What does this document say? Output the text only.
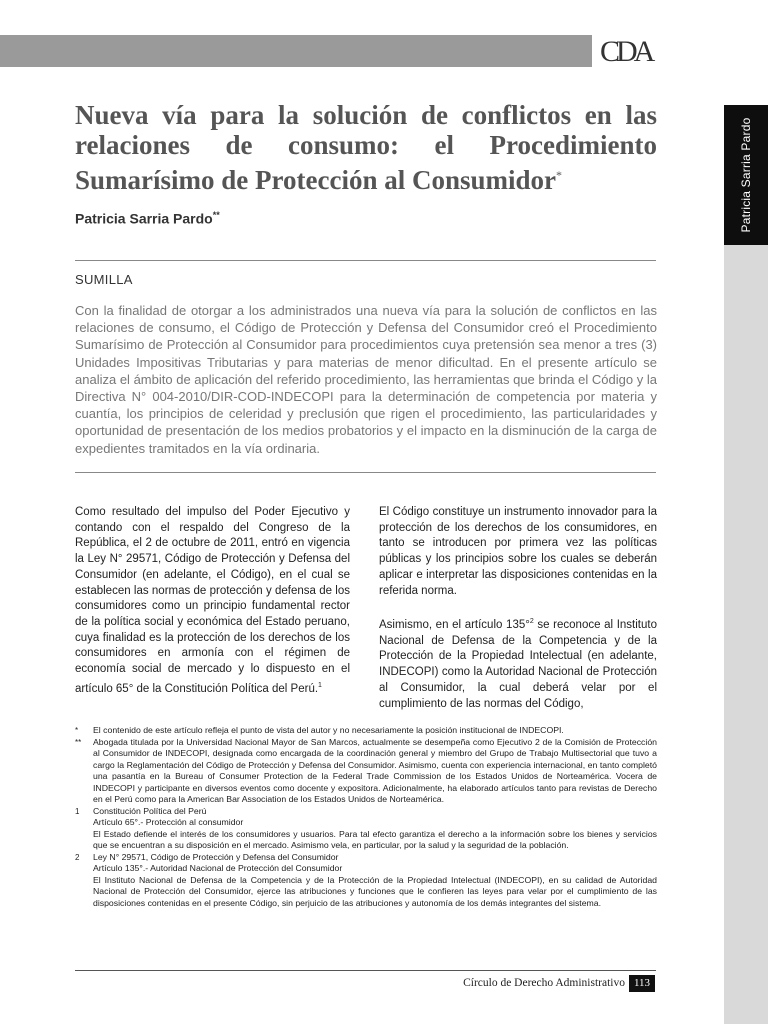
CDA
Patricia Sarria Pardo
Nueva vía para la solución de conflictos en las relaciones de consumo: el Procedimiento Sumarísimo de Protección al Consumidor*
Patricia Sarria Pardo**
SUMILLA

Con la finalidad de otorgar a los administrados una nueva vía para la solución de conflictos en las relaciones de consumo, el Código de Protección y Defensa del Consumidor creó el Procedimiento Sumarísimo de Protección al Consumidor para procedimientos cuya pretensión sea menor a tres (3) Unidades Impositivas Tributarias y para materias de menor dificultad. En el presente artículo se analiza el ámbito de aplicación del referido procedimiento, las herramientas que brinda el Código y la Directiva N° 004-2010/DIR-COD-INDECOPI para la determinación de competencia por materia y cuantía, los principios de celeridad y preclusión que rigen el procedimiento, las particularidades y oportunidad de presentación de los medios probatorios y el impacto en la disminución de la carga de expedientes tramitados en la vía ordinaria.

Como resultado del impulso del Poder Ejecutivo y contando con el respaldo del Congreso de la República, el 2 de octubre de 2011, entró en vigencia la Ley N° 29571, Código de Protección y Defensa del Consumidor (en adelante, el Código), en el cual se establecen las normas de protección y defensa de los consumidores como un principio fundamental rector de la política social y económica del Estado peruano, cuya finalidad es la protección de los derechos de los consumidores en armonía con el régimen de economía social de mercado y lo dispuesto en el artículo 65° de la Constitución Política del Perú.$^1$

El Código constituye un instrumento innovador para la protección de los derechos de los consumidores, en tanto se introducen por primera vez las políticas públicas y los principios sobre los cuales se deberán aplicar e interpretar las disposiciones contenidas en la referida norma.

Asimismo, en el artículo 135°$^2$ se reconoce al Instituto Nacional de Defensa de la Competencia y de la Protección de la Propiedad Intelectual (en adelante, INDECOPI) como la Autoridad Nacional de Protección al Consumidor, la cual deberá velar por el cumplimiento de las normas del Código,

* El contenido de este artículo refleja el punto de vista del autor y no necesariamente la posición institucional de INDECOPI.
** Abogada titulada por la Universidad Nacional Mayor de San Marcos, actualmente se desempeña como Ejecutivo 2 de la Comisión de Protección al Consumidor de INDECOPI, designada como encargada de la coordinación general y miembro del Grupo de Trabajo Multisectorial que tuvo a cargo la Reglamentación del Código de Protección y Defensa del Consumidor. Asimismo, cuenta con experiencia internacional, en tanto completó una pasantía en la Bureau of Consumer Protection de la Federal Trade Commission de los Estados Unidos de Norteamérica. Vocera de INDECOPI y participante en diversos eventos como docente y expositora. Adicionalmente, ha elaborado artículos tanto para revistas de Derecho en el Perú como para la American Bar Association de los Estados Unidos de Norteamérica.
1 Constitución Política del Perú
Artículo 65°.- Protección al consumidor
El Estado defiende el interés de los consumidores y usuarios. Para tal efecto garantiza el derecho a la información sobre los bienes y servicios que se encuentran a su disposición en el mercado. Asimismo vela, en particular, por la salud y la seguridad de la población.
2 Ley N° 29571, Código de Protección y Defensa del Consumidor
Artículo 135°.- Autoridad Nacional de Protección del Consumidor
El Instituto Nacional de Defensa de la Competencia y de la Protección de la Propiedad Intelectual (INDECOPI), en su calidad de Autoridad Nacional de Protección del Consumidor, ejerce las atribuciones y funciones que le confieren las leyes para velar por el cumplimiento de las disposiciones contenidas en el presente Código, sin perjuicio de las atribuciones y autonomía de los demás integrantes del sistema.
Círculo de Derecho Administrativo 113
